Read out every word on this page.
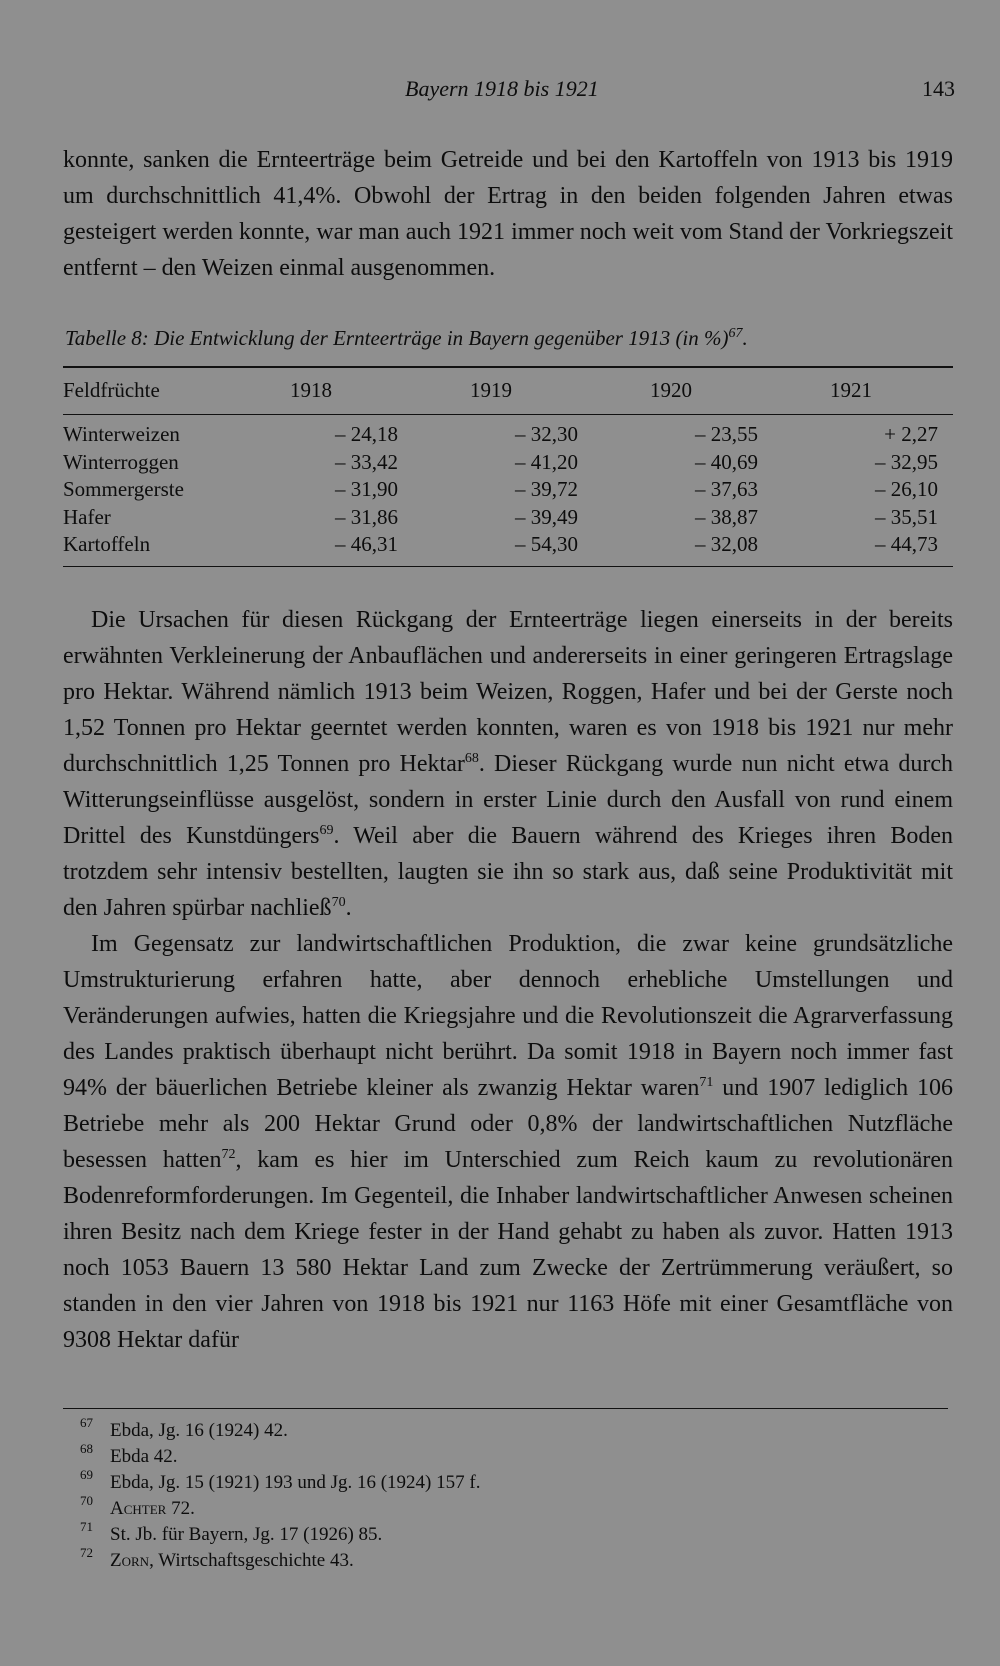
Bayern 1918 bis 1921	143

konnte, sanken die Ernteerträge beim Getreide und bei den Kartoffeln von 1913 bis 1919 um durchschnittlich 41,4%. Obwohl der Ertrag in den beiden folgenden Jahren etwas gesteigert werden konnte, war man auch 1921 immer noch weit vom Stand der Vorkriegszeit entfernt – den Weizen einmal ausgenommen.

Tabelle 8: Die Entwicklung der Ernteerträge in Bayern gegenüber 1913 (in %)$^{67}$.
Feldfrüchte	1918	1919	1920	1921
Winterweizen	– 24,18	– 32,30	– 23,55	+ 2,27
Winterroggen	– 33,42	– 41,20	– 40,69	– 32,95
Sommergerste	– 31,90	– 39,72	– 37,63	– 26,10
Hafer	– 31,86	– 39,49	– 38,87	– 35,51
Kartoffeln	– 46,31	– 54,30	– 32,08	– 44,73

Die Ursachen für diesen Rückgang der Ernteerträge liegen einerseits in der bereits erwähnten Verkleinerung der Anbauflächen und andererseits in einer geringeren Ertragslage pro Hektar. Während nämlich 1913 beim Weizen, Roggen, Hafer und bei der Gerste noch 1,52 Tonnen pro Hektar geerntet werden konnten, waren es von 1918 bis 1921 nur mehr durchschnittlich 1,25 Tonnen pro Hektar$^{68}$. Dieser Rückgang wurde nun nicht etwa durch Witterungseinflüsse ausgelöst, sondern in erster Linie durch den Ausfall von rund einem Drittel des Kunstdüngers$^{69}$. Weil aber die Bauern während des Krieges ihren Boden trotzdem sehr intensiv bestellten, laugten sie ihn so stark aus, daß seine Produktivität mit den Jahren spürbar nachließ$^{70}$.

Im Gegensatz zur landwirtschaftlichen Produktion, die zwar keine grundsätzliche Umstrukturierung erfahren hatte, aber dennoch erhebliche Umstellungen und Veränderungen aufwies, hatten die Kriegsjahre und die Revolutionszeit die Agrarverfassung des Landes praktisch überhaupt nicht berührt. Da somit 1918 in Bayern noch immer fast 94% der bäuerlichen Betriebe kleiner als zwanzig Hektar waren$^{71}$ und 1907 lediglich 106 Betriebe mehr als 200 Hektar Grund oder 0,8% der landwirtschaftlichen Nutzfläche besessen hatten$^{72}$, kam es hier im Unterschied zum Reich kaum zu revolutionären Bodenreformforderungen. Im Gegenteil, die Inhaber landwirtschaftlicher Anwesen scheinen ihren Besitz nach dem Kriege fester in der Hand gehabt zu haben als zuvor. Hatten 1913 noch 1053 Bauern 13 580 Hektar Land zum Zwecke der Zertrümmerung veräußert, so standen in den vier Jahren von 1918 bis 1921 nur 1163 Höfe mit einer Gesamtfläche von 9308 Hektar dafür

67 Ebda, Jg. 16 (1924) 42.
68 Ebda 42.
69 Ebda, Jg. 15 (1921) 193 und Jg. 16 (1924) 157 f.
70 Achter 72.
71 St. Jb. für Bayern, Jg. 17 (1926) 85.
72 Zorn, Wirtschaftsgeschichte 43.
